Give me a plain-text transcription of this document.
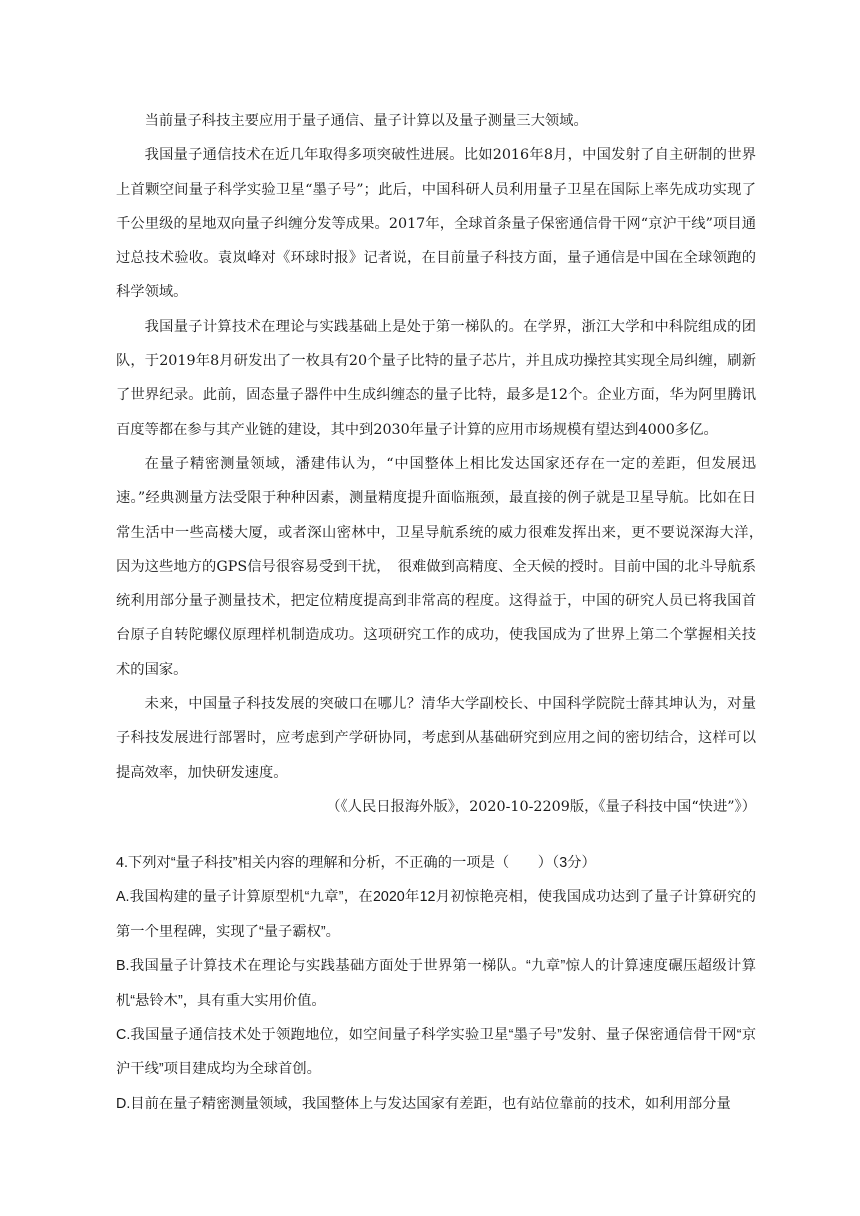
当前量子科技主要应用于量子通信、量子计算以及量子测量三大领域。

我国量子通信技术在近几年取得多项突破性进展。比如2016年8月，中国发射了自主研制的世界上首颗空间量子科学实验卫星“墨子号”；此后，中国科研人员利用量子卫星在国际上率先成功实现了千公里级的星地双向量子纠缠分发等成果。2017年，全球首条量子保密通信骨干网“京沪干线”项目通过总技术验收。袁岚峰对《环球时报》记者说，在目前量子科技方面，量子通信是中国在全球领跑的科学领域。

我国量子计算技术在理论与实践基础上是处于第一梯队的。在学界，浙江大学和中科院组成的团队，于2019年8月研发出了一枚具有20个量子比特的量子芯片，并且成功操控其实现全局纠缠，刷新了世界纪录。此前，固态量子器件中生成纠缠态的量子比特，最多是12个。企业方面，华为阿里腾讯百度等都在参与其产业链的建设，其中到2030年量子计算的应用市场规模有望达到4000多亿。

在量子精密测量领域，潘建伟认为，“中国整体上相比发达国家还存在一定的差距，但发展迅速。”经典测量方法受限于种种因素，测量精度提升面临瓶颈，最直接的例子就是卫星导航。比如在日常生活中一些高楼大厦，或者深山密林中，卫星导航系统的威力很难发挥出来，更不要说深海大洋，　因为这些地方的GPS信号很容易受到干扰，　很难做到高精度、全天候的授时。目前中国的北斗导航系统利用部分量子测量技术，把定位精度提高到非常高的程度。这得益于，中国的研究人员已将我国首台原子自转陀螺仪原理样机制造成功。这项研究工作的成功，使我国成为了世界上第二个掌握相关技术的国家。

未来，中国量子科技发展的突破口在哪儿？清华大学副校长、中国科学院院士薛其坤认为，对量子科技发展进行部署时，应考虑到产学研协同，考虑到从基础研究到应用之间的密切结合，这样可以提高效率，加快研发速度。

（《人民日报海外版》，2020-10-2209版，《量子科技中国“快进”》）

4.下列对“量子科技”相关内容的理解和分析，不正确的一项是（　　）（3分）

A.我国构建的量子计算原型机“九章”，在2020年12月初惊艳亮相，使我国成功达到了量子计算研究的第一个里程碑，实现了“量子霸权”。

B.我国量子计算技术在理论与实践基础方面处于世界第一梯队。“九章”惊人的计算速度碾压超级计算机“悬铃木”，具有重大实用价值。

C.我国量子通信技术处于领跑地位，如空间量子科学实验卫星“墨子号”发射、量子保密通信骨干网“京沪干线”项目建成均为全球首创。

D.目前在量子精密测量领域，我国整体上与发达国家有差距，也有站位靠前的技术，如利用部分量
